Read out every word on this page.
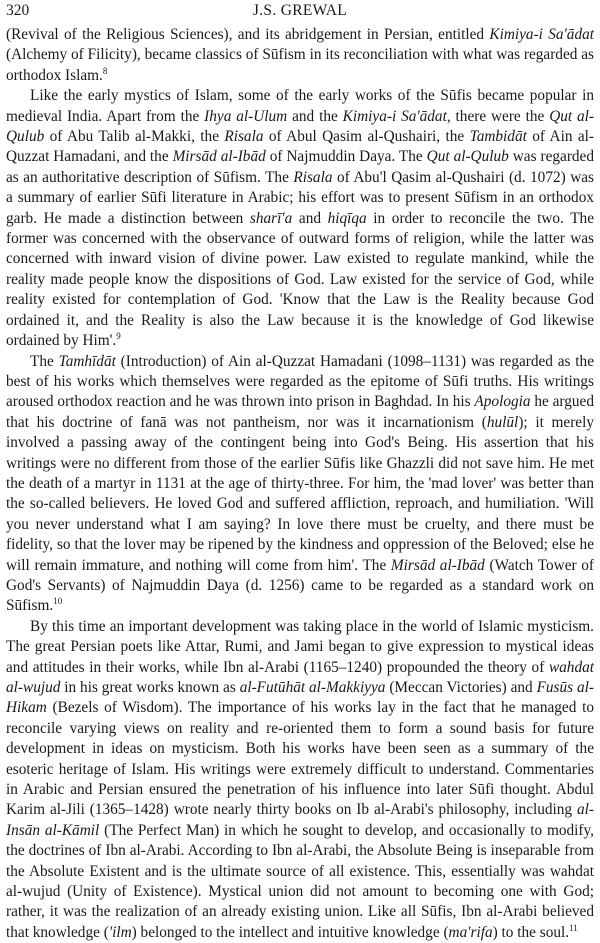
320	J.S. GREWAL

(Revival of the Religious Sciences), and its abridgement in Persian, entitled Kimiya-i Sa'ādat (Alchemy of Filicity), became classics of Sūfism in its reconciliation with what was regarded as orthodox Islam.$^8$

Like the early mystics of Islam, some of the early works of the Sūfis became popular in medieval India. Apart from the Ihya al-Ulum and the Kimiya-i Sa'ādat, there were the Qut al-Qulub of Abu Talib al-Makki, the Risala of Abul Qasim al-Qushairi, the Tambidāt of Ain al-Quzzat Hamadani, and the Mirsād al-Ibād of Najmuddin Daya. The Qut al-Qulub was regarded as an authoritative description of Sūfism. The Risala of Abu'l Qasim al-Qushairi (d. 1072) was a summary of earlier Sūfi literature in Arabic; his effort was to present Sūfism in an orthodox garb. He made a distinction between sharī'a and hiqīqa in order to reconcile the two. The former was concerned with the observance of outward forms of religion, while the latter was concerned with inward vision of divine power. Law existed to regulate mankind, while the reality made people know the dispositions of God. Law existed for the service of God, while reality existed for contemplation of God. 'Know that the Law is the Reality because God ordained it, and the Reality is also the Law because it is the knowledge of God likewise ordained by Him'.$^9$

The Tamhīdāt (Introduction) of Ain al-Quzzat Hamadani (1098–1131) was regarded as the best of his works which themselves were regarded as the epitome of Sūfi truths. His writings aroused orthodox reaction and he was thrown into prison in Baghdad. In his Apologia he argued that his doctrine of fanā was not pantheism, nor was it incarnationism (hulūl); it merely involved a passing away of the contingent being into God's Being. His assertion that his writings were no different from those of the earlier Sūfis like Ghazzli did not save him. He met the death of a martyr in 1131 at the age of thirty-three. For him, the 'mad lover' was better than the so-called believers. He loved God and suffered affliction, reproach, and humiliation. 'Will you never understand what I am saying? In love there must be cruelty, and there must be fidelity, so that the lover may be ripened by the kindness and oppression of the Beloved; else he will remain immature, and nothing will come from him'. The Mirsād al-Ibād (Watch Tower of God's Servants) of Najmuddin Daya (d. 1256) came to be regarded as a standard work on Sūfism.$^{10}$

By this time an important development was taking place in the world of Islamic mysticism. The great Persian poets like Attar, Rumi, and Jami began to give expression to mystical ideas and attitudes in their works, while Ibn al-Arabi (1165–1240) propounded the theory of wahdat al-wujud in his great works known as al-Futūhāt al-Makkiyya (Meccan Victories) and Fusūs al-Hikam (Bezels of Wisdom). The importance of his works lay in the fact that he managed to reconcile varying views on reality and re-oriented them to form a sound basis for future development in ideas on mysticism. Both his works have been seen as a summary of the esoteric heritage of Islam. His writings were extremely difficult to understand. Commentaries in Arabic and Persian ensured the penetration of his influence into later Sūfi thought. Abdul Karim al-Jili (1365–1428) wrote nearly thirty books on Ib al-Arabi's philosophy, including al-Insān al-Kāmil (The Perfect Man) in which he sought to develop, and occasionally to modify, the doctrines of Ibn al-Arabi. According to Ibn al-Arabi, the Absolute Being is inseparable from the Absolute Existent and is the ultimate source of all existence. This, essentially was wahdat al-wujud (Unity of Existence). Mystical union did not amount to becoming one with God; rather, it was the realization of an already existing union. Like all Sūfis, Ibn al-Arabi believed that knowledge ('ilm) belonged to the intellect and intuitive knowledge (ma'rifa) to the soul.$^{11}$
